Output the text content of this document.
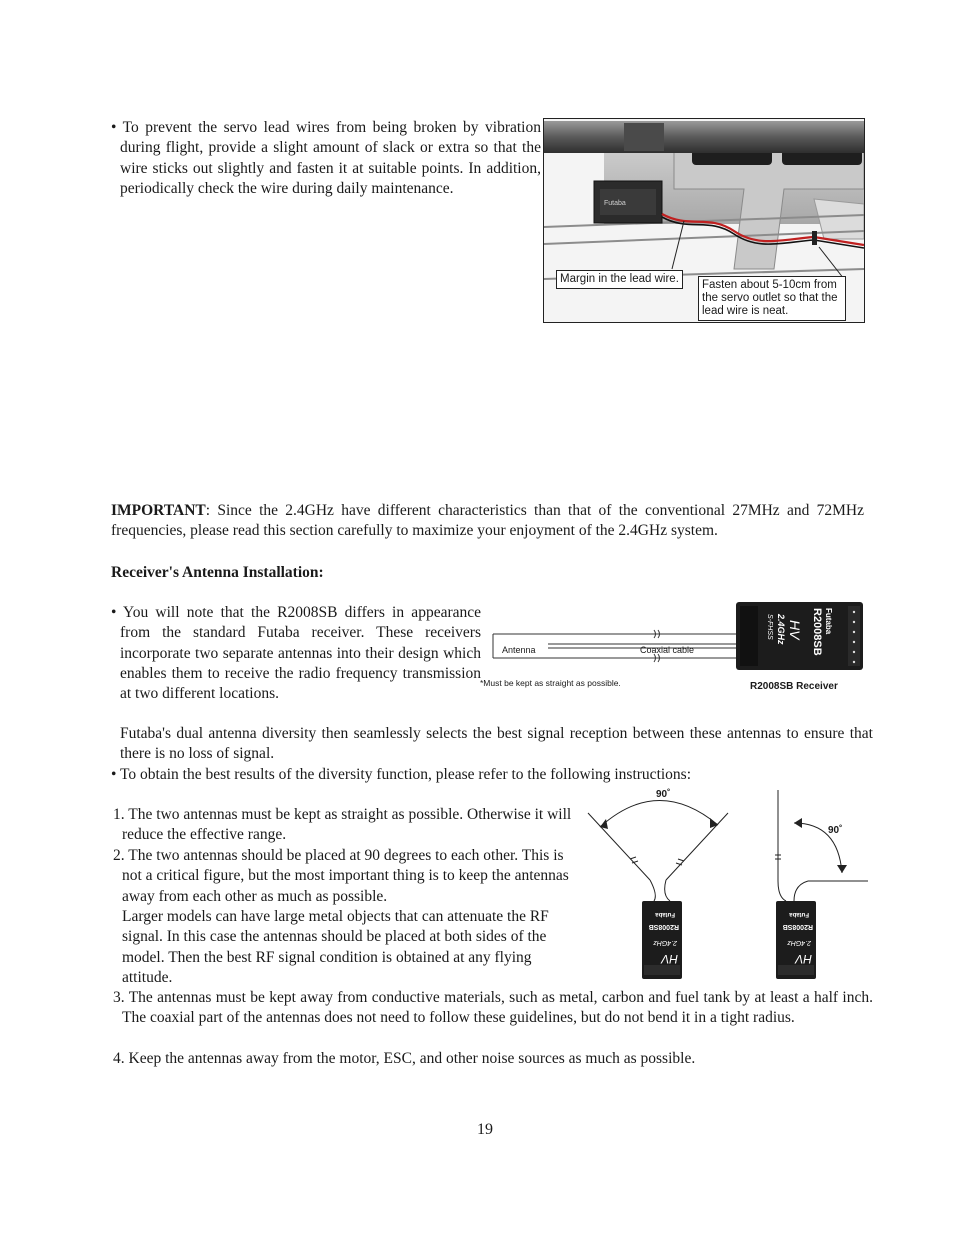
• To prevent the servo lead wires from being broken by vibration during flight, provide a slight amount of slack or extra so that the wire sticks out slightly and fasten it at suitable points. In addition, periodically check the wire during daily maintenance.
Futaba
Margin in the lead wire.	Fasten about 5-10cm from the servo outlet so that the lead wire is neat.

IMPORTANT: Since the 2.4GHz have different characteristics than that of the conventional 27MHz and 72MHz frequencies, please read this section carefully to maximize your enjoyment of the 2.4GHz system.

Receiver's Antenna Installation:

• You will note that the R2008SB differs in appearance from the standard Futaba receiver. These receivers incorporate two separate antennas into their design which enables them to receive the radio frequency transmission at two different locations.

R2008SB Futaba
2.4GHz
S-FHSS HV
Antenna	Coaxial cable
*Must be kept as straight as possible.	R2008SB Receiver

Futaba's dual antenna diversity then seamlessly selects the best signal reception between these antennas to ensure that there is no loss of signal.

• To obtain the best results of the diversity function, please refer to the following instructions:

1. The two antennas must be kept as straight as possible. Otherwise it will reduce the effective range.

2. The two antennas should be placed at 90 degrees to each other. This is not a critical figure, but the most important thing is to keep the antennas away from each other as much as possible.

Larger models can have large metal objects that can attenuate the RF signal. In this case the antennas should be placed at both sides of the model. Then the best RF signal condition is obtained at any flying attitude.

HV
2.4GHz
R2008SB
Futaba
HV
2.4GHz
R2008SB
Futaba
90˚
90˚

3. The antennas must be kept away from conductive materials, such as metal, carbon and fuel tank by at least a half inch. The coaxial part of the antennas does not need to follow these guidelines, but do not bend it in a tight radius.

4. Keep the antennas away from the motor, ESC, and other noise sources as much as possible.

19
